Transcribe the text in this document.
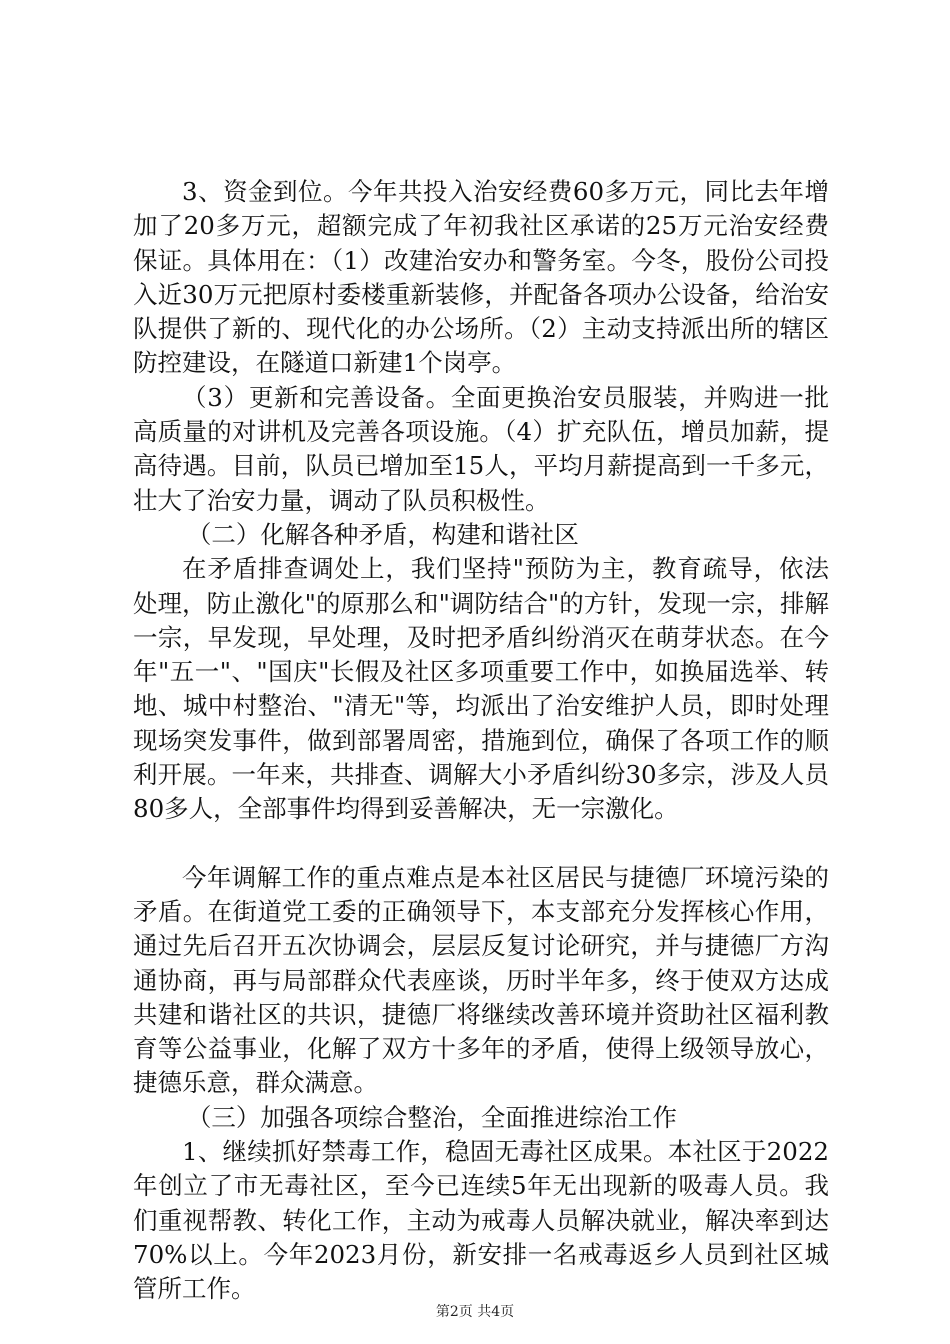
3、资金到位。今年共投入治安经费60多万元，同比去年增加了20多万元，超额完成了年初我社区承诺的25万元治安经费保证。具体用在：（1）改建治安办和警务室。今冬，股份公司投入近30万元把原村委楼重新装修，并配备各项办公设备，给治安队提供了新的、现代化的办公场所。（2）主动支持派出所的辖区防控建设，在隧道口新建1个岗亭。

（3）更新和完善设备。全面更换治安员服装，并购进一批高质量的对讲机及完善各项设施。（4）扩充队伍，增员加薪，提高待遇。目前，队员已增加至15人，平均月薪提高到一千多元，壮大了治安力量，调动了队员积极性。

（二）化解各种矛盾，构建和谐社区

在矛盾排查调处上，我们坚持"预防为主，教育疏导，依法处理，防止激化"的原那么和"调防结合"的方针，发现一宗，排解一宗，早发现，早处理，及时把矛盾纠纷消灭在萌芽状态。在今年"五一"、"国庆"长假及社区多项重要工作中，如换届选举、转地、城中村整治、"清无"等，均派出了治安维护人员，即时处理现场突发事件，做到部署周密，措施到位，确保了各项工作的顺利开展。一年来，共排查、调解大小矛盾纠纷30多宗，涉及人员80多人，全部事件均得到妥善解决，无一宗激化。

今年调解工作的重点难点是本社区居民与捷德厂环境污染的矛盾。在街道党工委的正确领导下，本支部充分发挥核心作用，通过先后召开五次协调会，层层反复讨论研究，并与捷德厂方沟通协商，再与局部群众代表座谈，历时半年多，终于使双方达成共建和谐社区的共识，捷德厂将继续改善环境并资助社区福利教育等公益事业，化解了双方十多年的矛盾，使得上级领导放心，捷德乐意，群众满意。

（三）加强各项综合整治，全面推进综治工作

1、继续抓好禁毒工作，稳固无毒社区成果。本社区于2022年创立了市无毒社区，至今已连续5年无出现新的吸毒人员。我们重视帮教、转化工作，主动为戒毒人员解决就业，解决率到达70%以上。今年2023月份，新安排一名戒毒返乡人员到社区城管所工作。

第2页 共4页
